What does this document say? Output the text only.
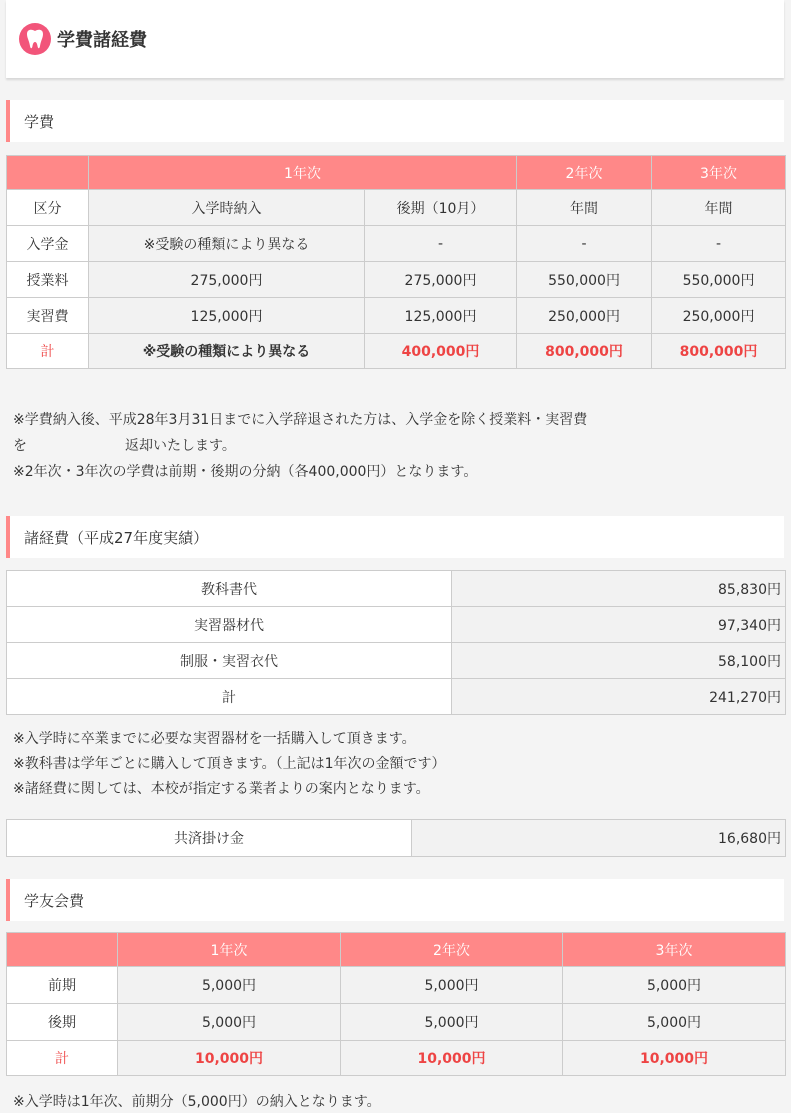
学費諸経費
学費
	1年次		2年次	3年次
区分	入学時納入	後期（10月）	年間	年間
入学金	※受験の種類により異なる	-	-	-
授業料	275,000円	275,000円	550,000円	550,000円
実習費	125,000円	125,000円	250,000円	250,000円
計	※受験の種類により異なる	400,000円	800,000円	800,000円
※学費納入後、平成28年3月31日までに入学辞退された方は、入学金を除く授業料・実習費
を　　　　　　　返却いたします。
※2年次・3年次の学費は前期・後期の分納（各400,000円）となります。
諸経費（平成27年度実績）
教科書代	85,830円
実習器材代	97,340円
制服・実習衣代	58,100円
計	241,270円
※入学時に卒業までに必要な実習器材を一括購入して頂きます。
※教科書は学年ごとに購入して頂きます。（上記は1年次の金額です）
※諸経費に関しては、本校が指定する業者よりの案内となります。
共済掛け金	16,680円
学友会費
	1年次	2年次	3年次
前期	5,000円	5,000円	5,000円
後期	5,000円	5,000円	5,000円
計	10,000円	10,000円	10,000円
※入学時は1年次、前期分（5,000円）の納入となります。
